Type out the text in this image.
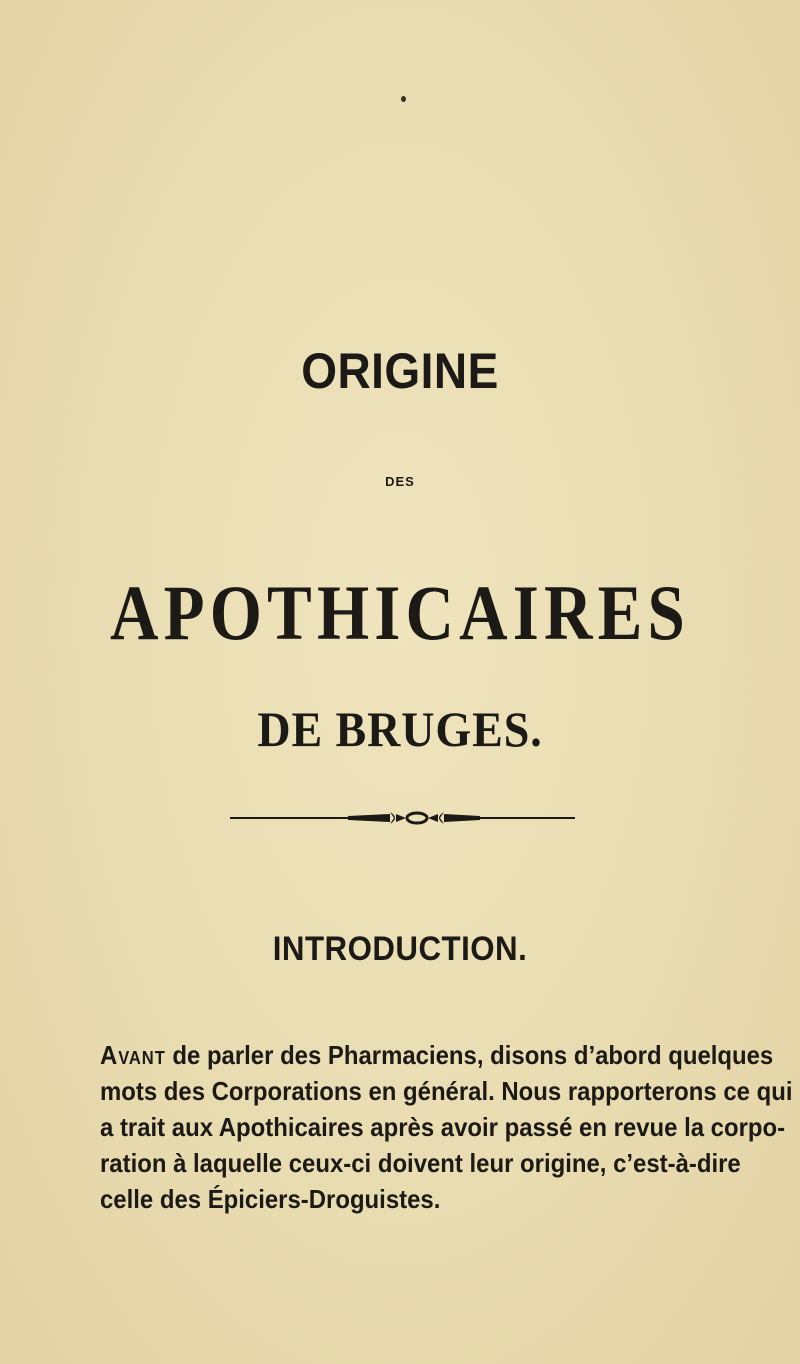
ORIGINE
DES
APOTHICAIRES
DE BRUGES.
INTRODUCTION.
Avant de parler des Pharmaciens, disons d’abord quelques
mots des Corporations en général. Nous rapporterons ce qui
a trait aux Apothicaires après avoir passé en revue la corpo-
ration à laquelle ceux-ci doivent leur origine, c’est-à-dire
celle des Épiciers-Droguistes.
